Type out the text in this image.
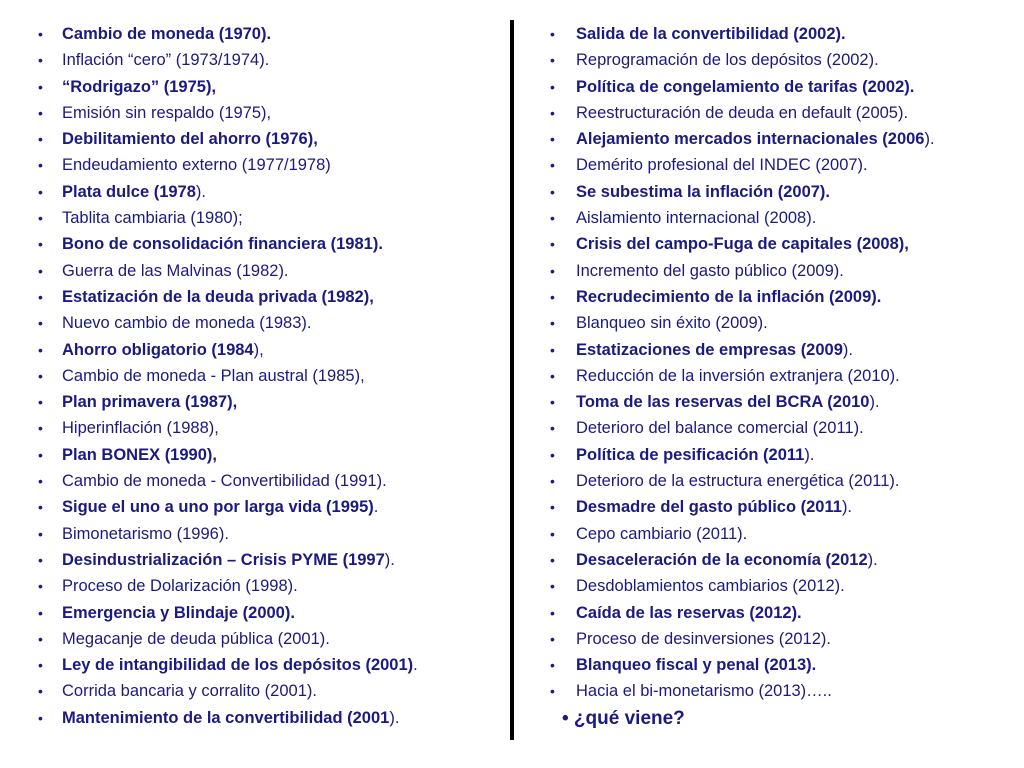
• Cambio de moneda (1970).
• Inflación “cero” (1973/1974).
• “Rodrigazo” (1975),
• Emisión sin respaldo (1975),
• Debilitamiento del ahorro (1976),
• Endeudamiento externo (1977/1978)
• Plata dulce (1978).
• Tablita cambiaria (1980);
• Bono de consolidación financiera (1981).
• Guerra de las Malvinas (1982).
• Estatización de la deuda privada (1982),
• Nuevo cambio de moneda (1983).
• Ahorro obligatorio (1984),
• Cambio de moneda - Plan austral (1985),
• Plan primavera (1987),
• Hiperinflación (1988),
• Plan BONEX (1990),
• Cambio de moneda - Convertibilidad (1991).
• Sigue el uno a uno por larga vida (1995).
• Bimonetarismo (1996).
• Desindustrialización – Crisis PYME (1997).
• Proceso de Dolarización (1998).
• Emergencia y Blindaje (2000).
• Megacanje de deuda pública (2001).
• Ley de intangibilidad de los depósitos (2001).
• Corrida bancaria y corralito (2001).
• Mantenimiento de la convertibilidad (2001).
• Salida de la convertibilidad (2002).
• Reprogramación de los depósitos (2002).
• Política de congelamiento de tarifas (2002).
• Reestructuración de deuda en default (2005).
• Alejamiento mercados internacionales (2006).
• Demérito profesional del INDEC (2007).
• Se subestima la inflación (2007).
• Aislamiento internacional (2008).
• Crisis del campo-Fuga de capitales (2008),
• Incremento del gasto público (2009).
• Recrudecimiento de la inflación (2009).
• Blanqueo sin éxito (2009).
• Estatizaciones de empresas (2009).
• Reducción de la inversión extranjera (2010).
• Toma de las reservas del BCRA (2010).
• Deterioro del balance comercial (2011).
• Política de pesificación (2011).
• Deterioro de la estructura energética (2011).
• Desmadre del gasto público (2011).
• Cepo cambiario (2011).
• Desaceleración de la economía (2012).
• Desdoblamientos cambiarios (2012).
• Caída de las reservas (2012).
• Proceso de desinversiones (2012).
• Blanqueo fiscal y penal (2013).
• Hacia el bi-monetarismo (2013)…..
• ¿qué viene?
